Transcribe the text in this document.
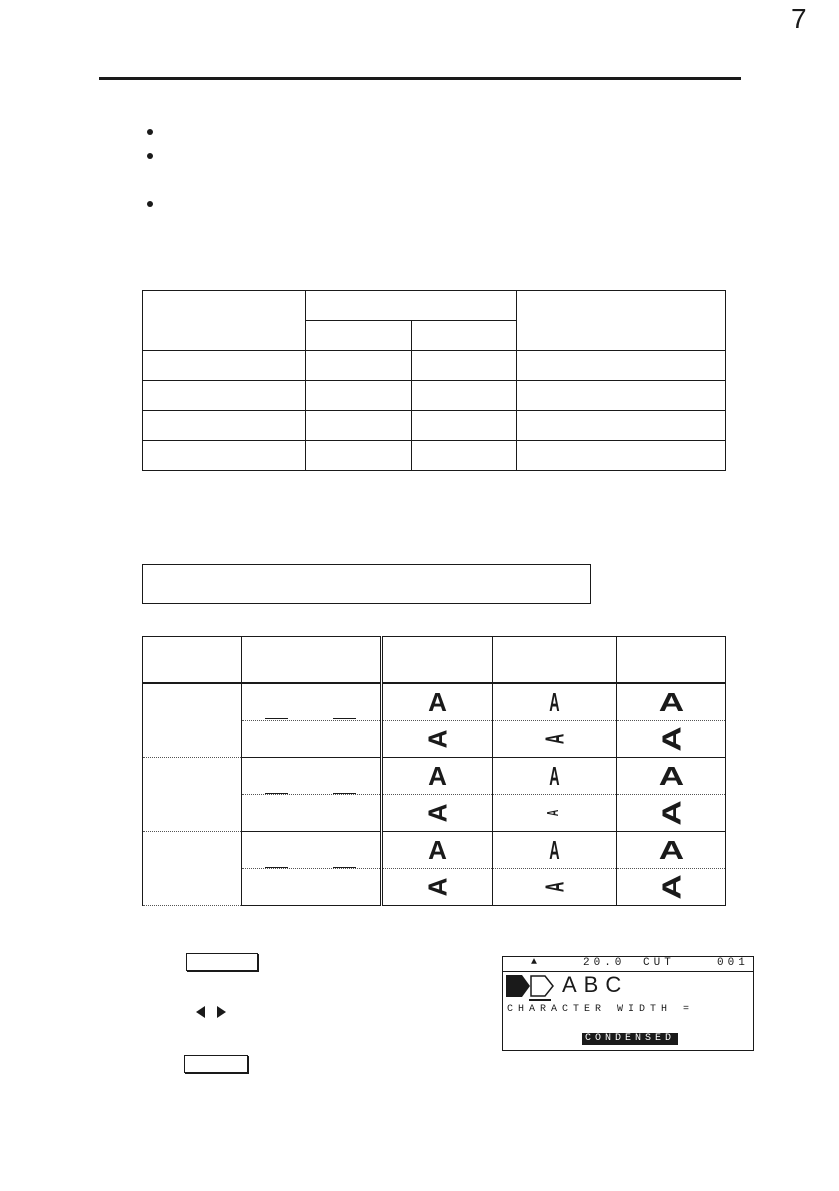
7

		A	A	A
		A	A	A
		A	A	A
		A	A	A
		A	A	A
		A	A	A
▲	20.0 CUT	001
ABC
CHARACTER WIDTH =
CONDENSED
